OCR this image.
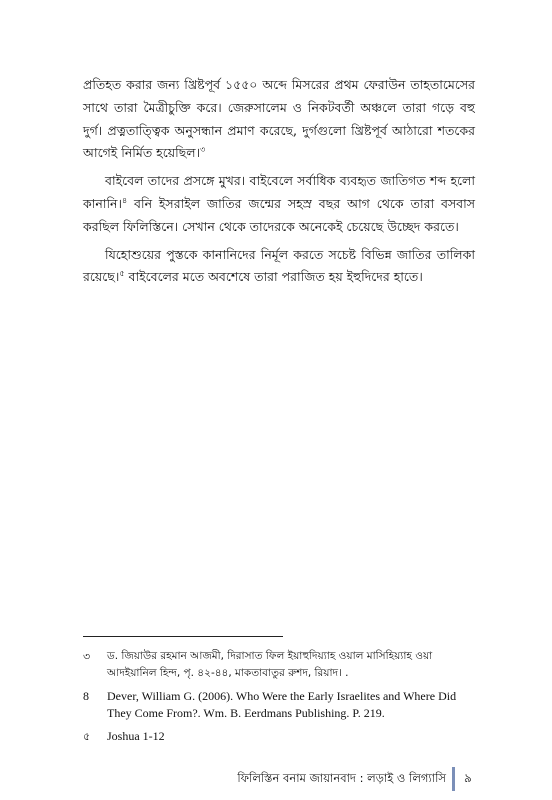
প্রতিহত করার জন্য খ্রিষ্টপূর্ব ১৫৫০ অব্দে মিসরের প্রথম ফেরাউন তাহতামেসের সাথে তারা মৈত্রীচুক্তি করে। জেরুসালেম ও নিকটবর্তী অঞ্চলে তারা গড়ে বহু দুর্গ। প্রত্নতাত্ত্বিক অনুসন্ধান প্রমাণ করেছে, দুর্গগুলো খ্রিষ্টপূর্ব আঠারো শতকের আগেই নির্মিত হয়েছিল।$^৩$

বাইবেল তাদের প্রসঙ্গে মুখর। বাইবেলে সর্বাধিক ব্যবহৃত জাতিগত শব্দ হলো কানানি।$^৪$ বনি ইসরাইল জাতির জন্মের সহস্র বছর আগ থেকে তারা বসবাস করছিল ফিলিস্তিনে। সেখান থেকে তাদেরকে অনেকেই চেয়েছে উচ্ছেদ করতে।

যিহোশুয়ের পুস্তকে কানানিদের নির্মূল করতে সচেষ্ট বিভিন্ন জাতির তালিকা রয়েছে।$^৫$ বাইবেলের মতে অবশেষে তারা পরাজিত হয় ইহুদিদের হাতে।

৩	ড. জিয়াউর রহমান আজমী, দিরাসাত ফিল ইয়াহুদিয়্যাহ ওয়াল মাসিহিয়্যাহ ওয়া আদইয়ানিল হিন্দ, পৃ. ৪২-৪৪, মাকতাবাতুর রুশদ, রিয়াদ। .
8	Dever, William G. (2006). Who Were the Early Israelites and Where Did They Come From?. Wm. B. Eerdmans Publishing. P. 219.
৫	Joshua 1-12
ফিলিস্তিন বনাম জায়ানবাদ : লড়াই ও লিগ্যাসি ৯
